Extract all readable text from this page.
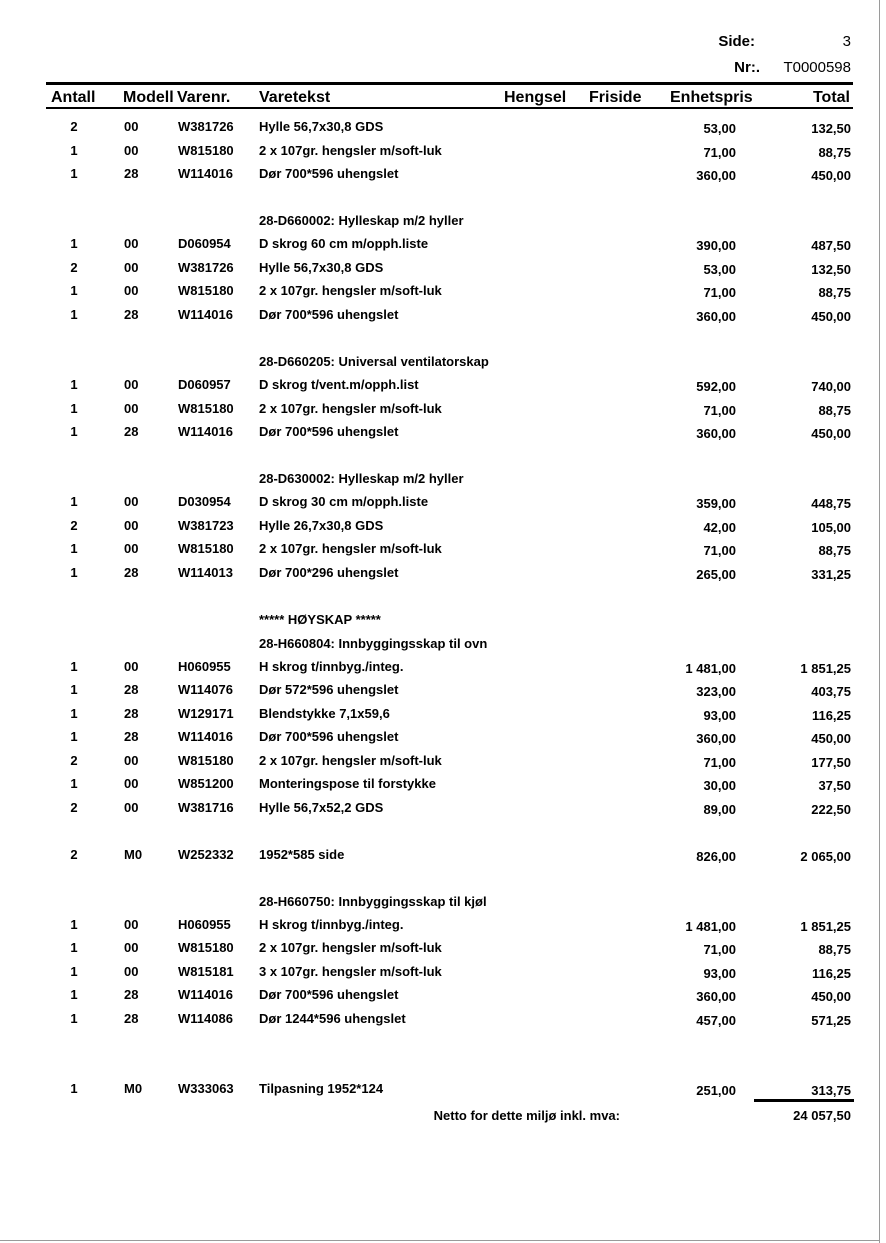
Side:	3
Nr:.	T0000598
Antall Modell Varenr. Varetekst	Hengsel Friside Enhetspris	Total
28-D660002: Hylleskap m/2 hyller
28-D660205: Universal ventilatorskap
28-D630002: Hylleskap m/2 hyller
***** HØYSKAP *****
28-H660804: Innbyggingsskap til ovn
28-H660750: Innbyggingsskap til kjøl
2	00	W381726 Hylle 56,7x30,8 GDS	53,00	132,50
1	00	W815180 2 x 107gr. hengsler m/soft-luk	71,00	88,75
1	28	W114016 Dør 700*596 uhengslet	360,00	450,00
1	00	D060954 D skrog 60 cm m/opph.liste	390,00	487,50
2	00	W381726 Hylle 56,7x30,8 GDS	53,00	132,50
1	00	W815180 2 x 107gr. hengsler m/soft-luk	71,00	88,75
1	28	W114016 Dør 700*596 uhengslet	360,00	450,00
1	00	D060957 D skrog t/vent.m/opph.list	592,00	740,00
1	00	W815180 2 x 107gr. hengsler m/soft-luk	71,00	88,75
1	28	W114016 Dør 700*596 uhengslet	360,00	450,00
1	00	D030954 D skrog 30 cm m/opph.liste	359,00	448,75
2	00	W381723 Hylle 26,7x30,8 GDS	42,00	105,00
1	00	W815180 2 x 107gr. hengsler m/soft-luk	71,00	88,75
1	28	W114013 Dør 700*296 uhengslet	265,00	331,25
1	00	H060955 H skrog t/innbyg./integ.	1 481,00	1 851,25
1	28	W114076 Dør 572*596 uhengslet	323,00	403,75
1	28	W129171 Blendstykke 7,1x59,6	93,00	116,25
1	28	W114016 Dør 700*596 uhengslet	360,00	450,00
2	00	W815180 2 x 107gr. hengsler m/soft-luk	71,00	177,50
1	00	W851200 Monteringspose til forstykke	30,00	37,50
2	00	W381716 Hylle 56,7x52,2 GDS	89,00	222,50
2	M0	W252332 1952*585 side	826,00	2 065,00
1	00	H060955 H skrog t/innbyg./integ.	1 481,00	1 851,25
1	00	W815180 2 x 107gr. hengsler m/soft-luk	71,00	88,75
1	00	W815181 3 x 107gr. hengsler m/soft-luk	93,00	116,25
1	28	W114016 Dør 700*596 uhengslet	360,00	450,00
1	28	W114086 Dør 1244*596 uhengslet	457,00	571,25
1	M0	W333063 Tilpasning 1952*124	251,00	313,75
Netto for dette miljø inkl. mva:	24 057,50
